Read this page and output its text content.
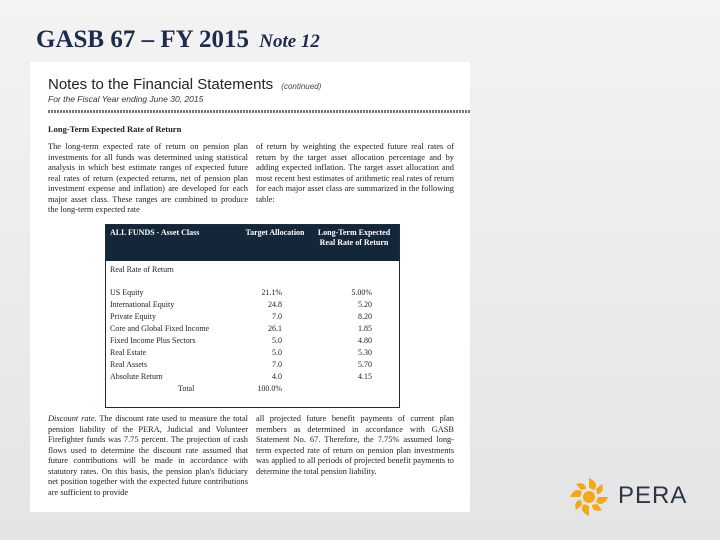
GASB 67 – FY 2015 Note 12
Notes to the Financial Statements (continued)
For the Fiscal Year ending June 30, 2015
Long-Term Expected Rate of Return
The long-term expected rate of return on pension plan investments for all funds was determined using statistical analysis in which best estimate ranges of expected future real rates of return (expected returns, net of pension plan investment expense and inflation) are developed for each major asset class. These ranges are combined to produce the long-term expected rate
of return by weighting the expected future real rates of return by the target asset allocation percentage and by adding expected inflation. The target asset allocation and most recent best estimates of arithmetic real rates of return for each major asset class are summarized in the following table:
ALL FUNDS - Asset Class	Target Allocation	Long-Term Expected Real Rate of Return
Real Rate of Return
US Equity	21.1%	5.00%
International Equity	24.8	5.20
Private Equity	7.0	8.20
Core and Global Fixed Income	26.1	1.85
Fixed Income Plus Sectors	5.0	4.80
Real Estate	5.0	5.30
Real Assets	7.0	5.70
Absolute Return	4.0	4.15
Total	100.0%
Discount rate. The discount rate used to measure the total pension liability of the PERA, Judicial and Volunteer Firefighter funds was 7.75 percent. The projection of cash flows used to determine the discount rate assumed that future contributions will be made in accordance with statutory rates. On this basis, the pension plan's fiduciary net position together with the expected future contributions are sufficient to provide
all projected future benefit payments of current plan members as determined in accordance with GASB Statement No. 67. Therefore, the 7.75% assumed long-term expected rate of return on pension plan investments was applied to all periods of projected benefit payments to determine the total pension liability.
PERA
